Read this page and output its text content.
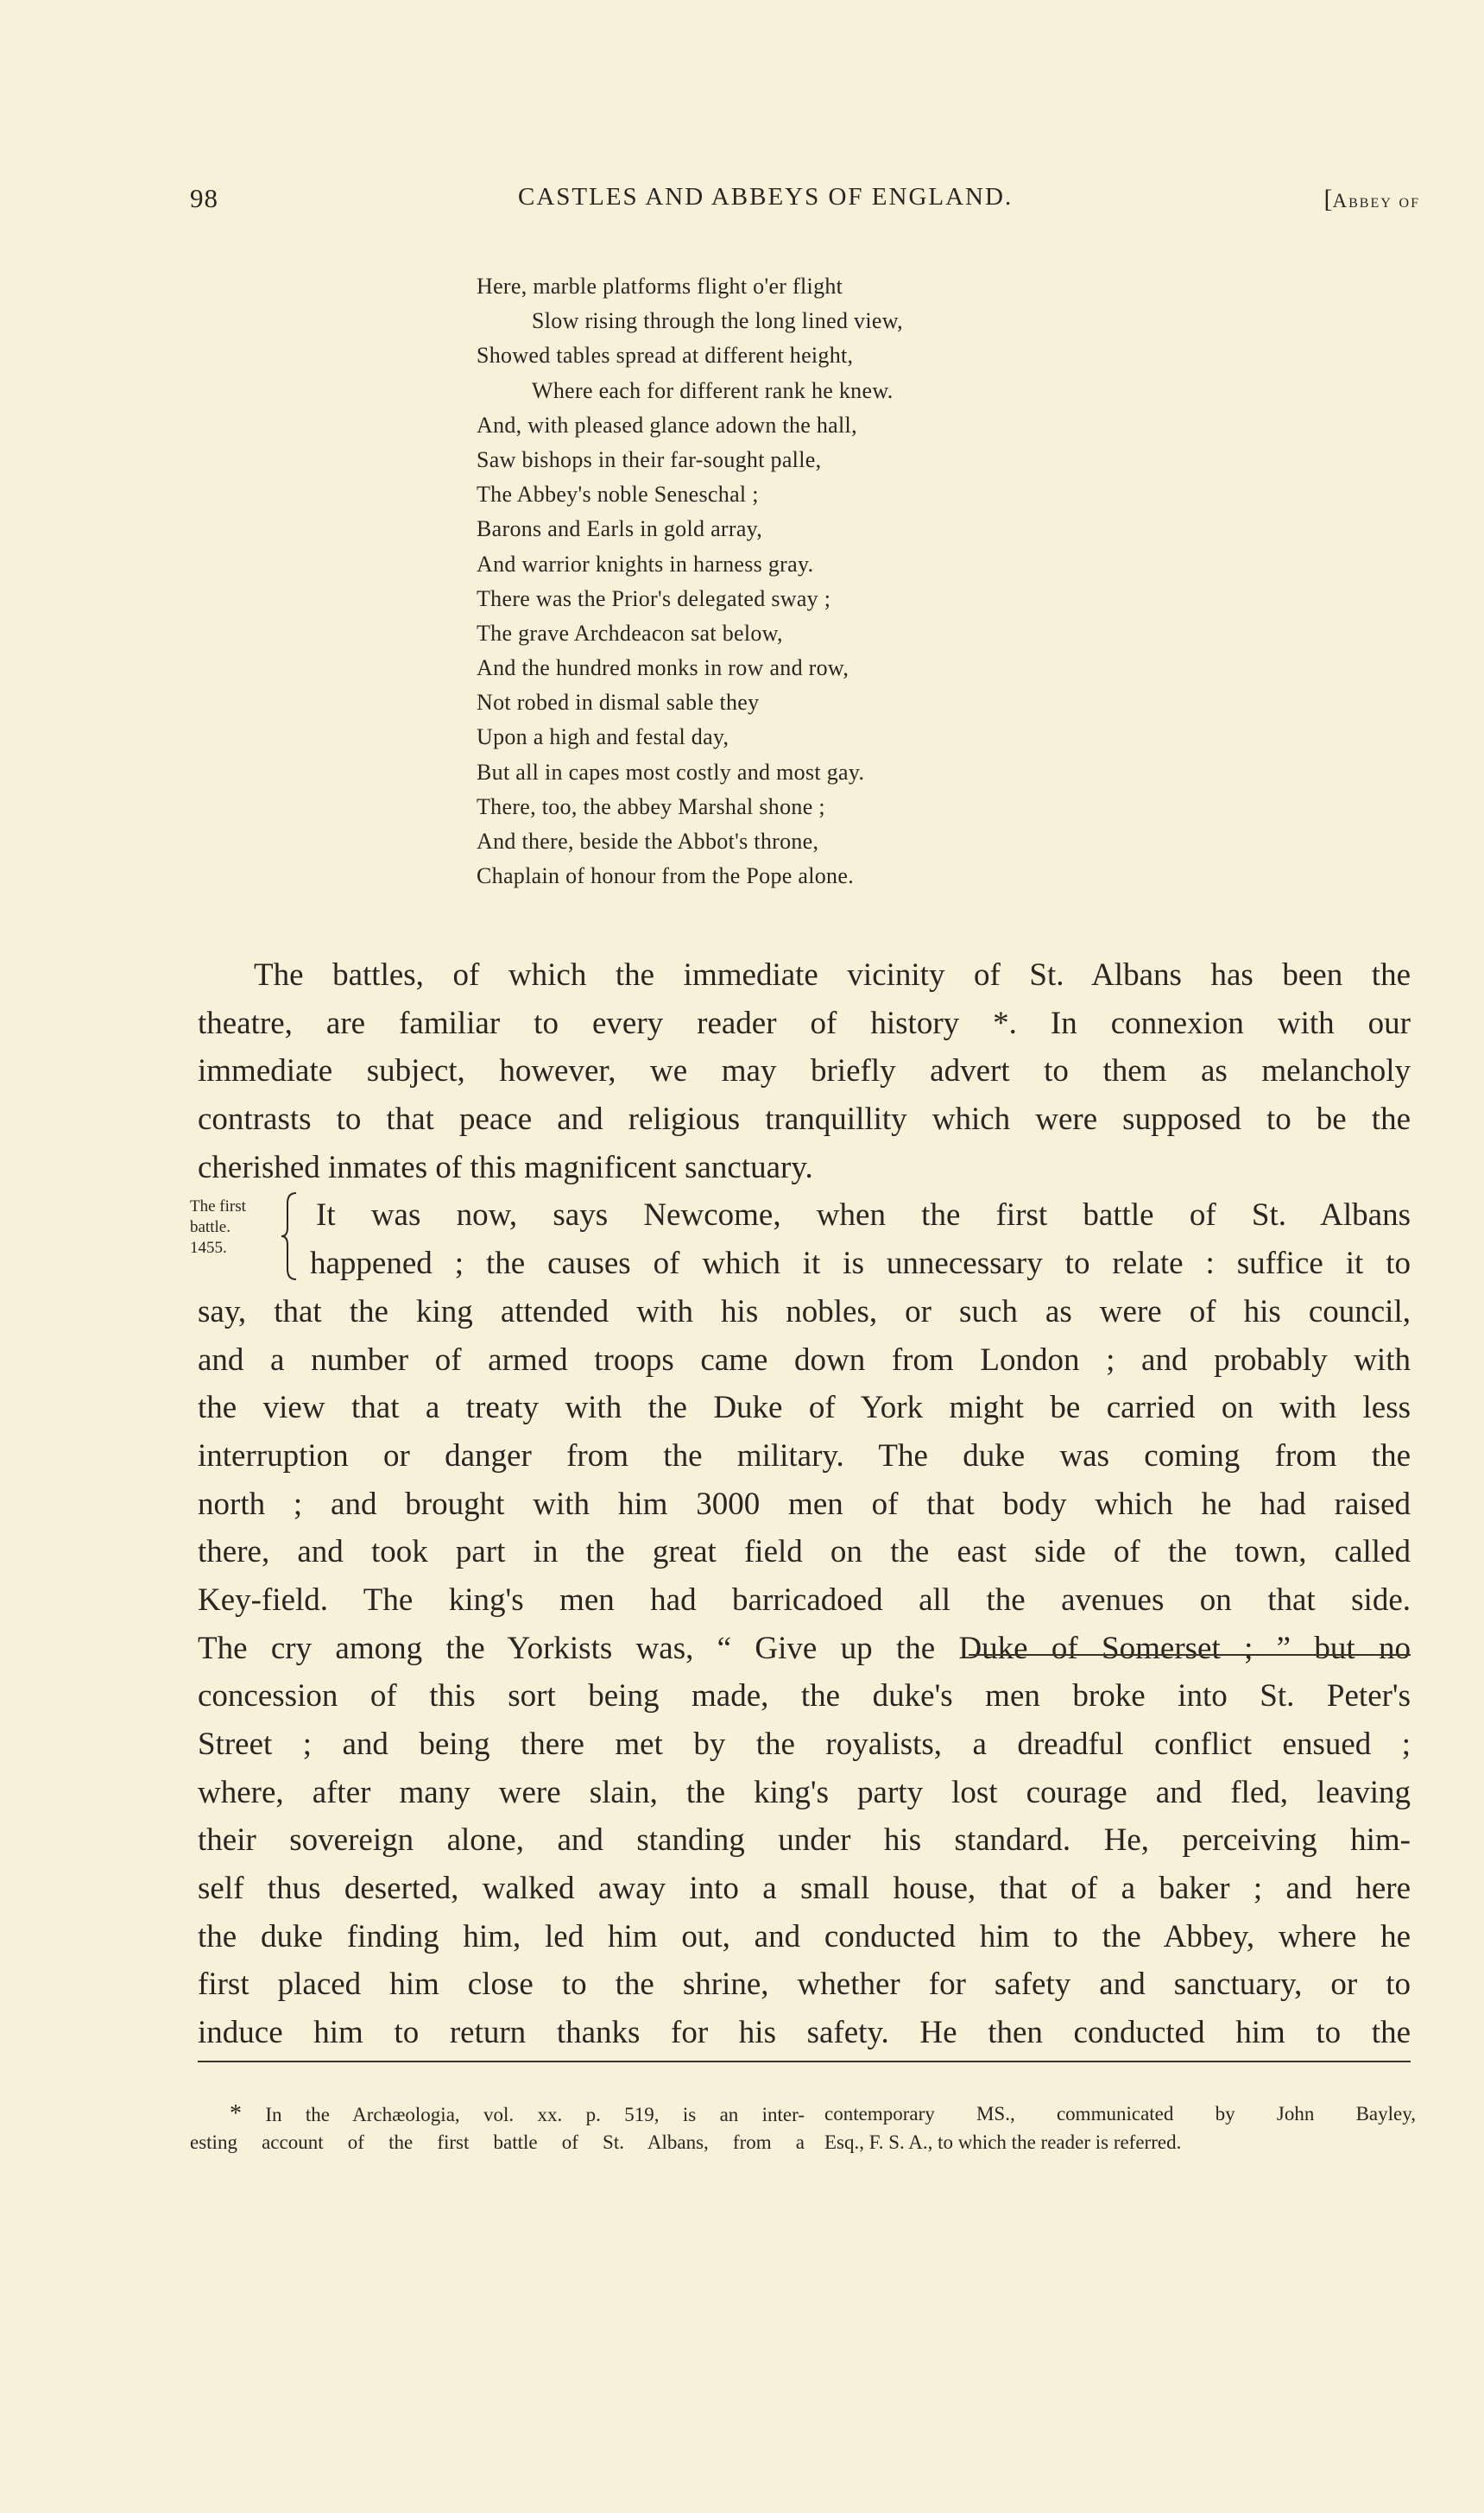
98	CASTLES AND ABBEYS OF ENGLAND.	[Abbey of
Here, marble platforms flight o'er flight
Slow rising through the long lined view,
Showed tables spread at different height,
Where each for different rank he knew.
And, with pleased glance adown the hall,
Saw bishops in their far-sought palle,
The Abbey's noble Seneschal ;
Barons and Earls in gold array,
And warrior knights in harness gray.
There was the Prior's delegated sway ;
The grave Archdeacon sat below,
And the hundred monks in row and row,
Not robed in dismal sable they
Upon a high and festal day,
But all in capes most costly and most gay.
There, too, the abbey Marshal shone ;
And there, beside the Abbot's throne,
Chaplain of honour from the Pope alone.
The battles, of which the immediate vicinity of St. Albans has been the
theatre, are familiar to every reader of history *. In connexion with our
immediate subject, however, we may briefly advert to them as melancholy
contrasts to that peace and religious tranquillity which were supposed to be the
cherished inmates of this magnificent sanctuary.
It was now, says Newcome, when the first battle of St. Albans
happened ; the causes of which it is unnecessary to relate : suffice it to
say, that the king attended with his nobles, or such as were of his council,
and a number of armed troops came down from London ; and probably with
the view that a treaty with the Duke of York might be carried on with less
interruption or danger from the military. The duke was coming from the
north ; and brought with him 3000 men of that body which he had raised
there, and took part in the great field on the east side of the town, called
Key-field. The king's men had barricadoed all the avenues on that side.
The cry among the Yorkists was, “ Give up the Duke of Somerset ; ” but no
concession of this sort being made, the duke's men broke into St. Peter's
Street ; and being there met by the royalists, a dreadful conflict ensued ;
where, after many were slain, the king's party lost courage and fled, leaving
their sovereign alone, and standing under his standard. He, perceiving him-
self thus deserted, walked away into a small house, that of a baker ; and here
the duke finding him, led him out, and conducted him to the Abbey, where he
first placed him close to the shrine, whether for safety and sanctuary, or to
induce him to return thanks for his safety. He then conducted him to the
The first
battle.
1455.
* In the Archæologia, vol. xx. p. 519, is an inter-
esting account of the first battle of St. Albans, from a
contemporary MS., communicated by John Bayley,
Esq., F. S. A., to which the reader is referred.
